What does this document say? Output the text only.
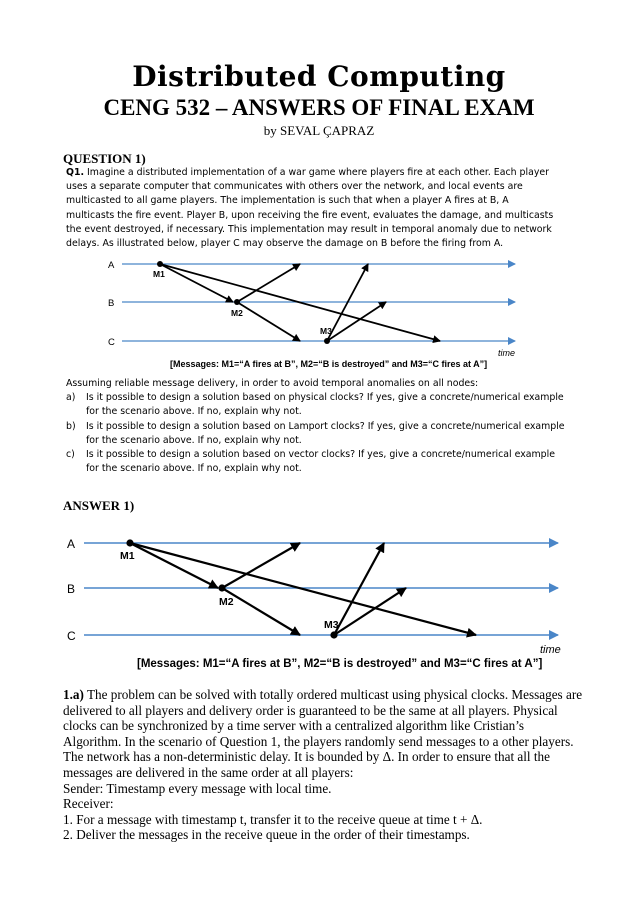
Distributed Computing
CENG 532 – ANSWERS OF FINAL EXAM
by SEVAL ÇAPRAZ
QUESTION 1)

Q1. Imagine a distributed implementation of a war game where players fire at each other. Each player uses a separate computer that communicates with others over the network, and local events are multicasted to all game players. The implementation is such that when a player A fires at B, A multicasts the fire event. Player B, upon receiving the fire event, evaluates the damage, and multicasts the event destroyed, if necessary. This implementation may result in temporal anomaly due to network delays. As illustrated below, player C may observe the damage on B before the firing from A.

A
B
C
M1
M2
M3
time
[Messages: M1=“A fires at B”, M2=“B is destroyed” and M3=“C fires at A”]

Assuming reliable message delivery, in order to avoid temporal anomalies on all nodes:

a)	Is it possible to design a solution based on physical clocks? If yes, give a concrete/numerical example for the scenario above. If no, explain why not.
b)	Is it possible to design a solution based on Lamport clocks? If yes, give a concrete/numerical example for the scenario above. If no, explain why not.
c)	Is it possible to design a solution based on vector clocks? If yes, give a concrete/numerical example for the scenario above. If no, explain why not.
ANSWER 1)
A
B
C
M1
M2
M3
time
[Messages: M1=“A fires at B”, M2=“B is destroyed” and M3=“C fires at A”]

1.a) The problem can be solved with totally ordered multicast using physical clocks. Messages are delivered to all players and delivery order is guaranteed to be the same at all players. Physical clocks can be synchronized by a time server with a centralized algorithm like Cristian’s Algorithm. In the scenario of Question 1, the players randomly send messages to a other players. The network has a non-deterministic delay. It is bounded by Δ. In order to ensure that all the messages are delivered in the same order at all players:

Sender: Timestamp every message with local time.

Receiver:

1. For a message with timestamp t, transfer it to the receive queue at time t + Δ.

2. Deliver the messages in the receive queue in the order of their timestamps.
